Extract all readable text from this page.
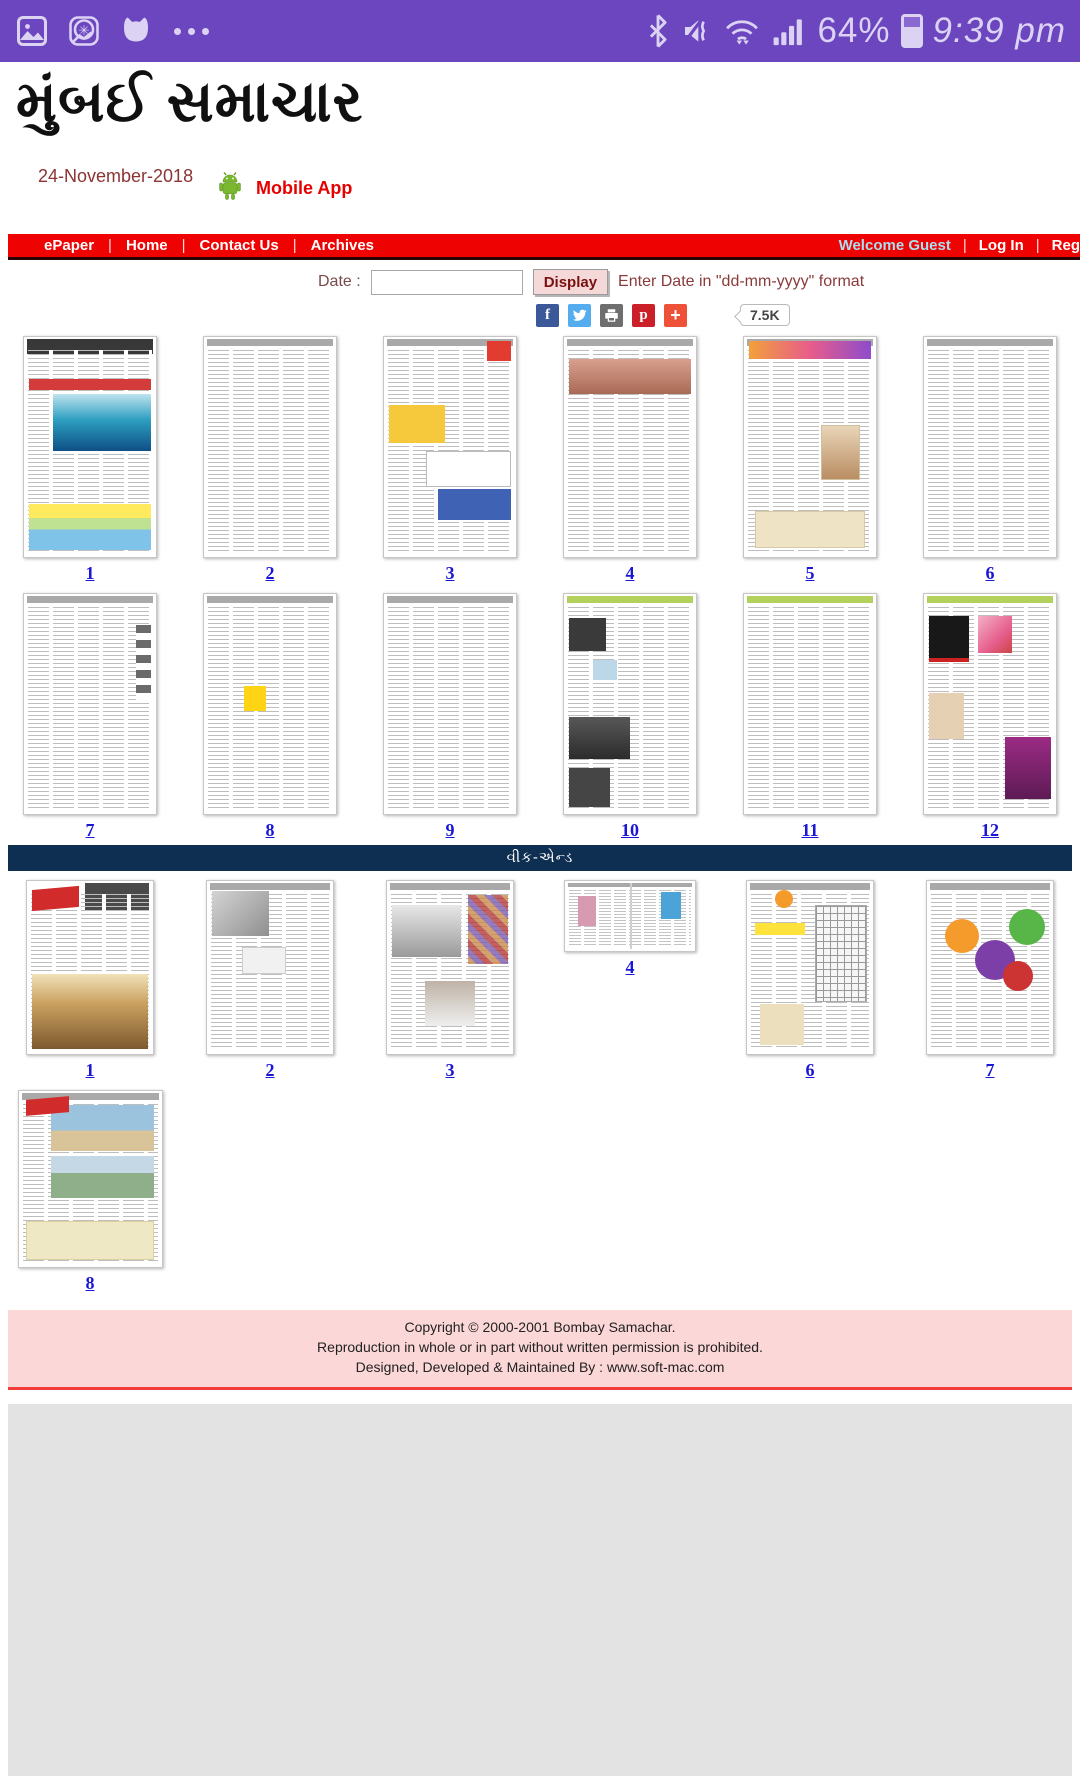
✳	64% 9:39 pm
મુંબઈ સમાચાર
24-November-2018
Mobile App
ePaper | Home | Contact Us | Archives	Welcome Guest | Log In | Reg
Date :	Display	Enter Date in "dd-mm-yyyy" format
f	p	+	7.5K
1	2	3	4	5	6
7	8	9	10	11	12
વીક-એન્ડ
1	2	3
4
6	7
8
Copyright © 2000-2001 Bombay Samachar.
Reproduction in whole or in part without written permission is prohibited.
Designed, Developed & Maintained By : www.soft-mac.com
